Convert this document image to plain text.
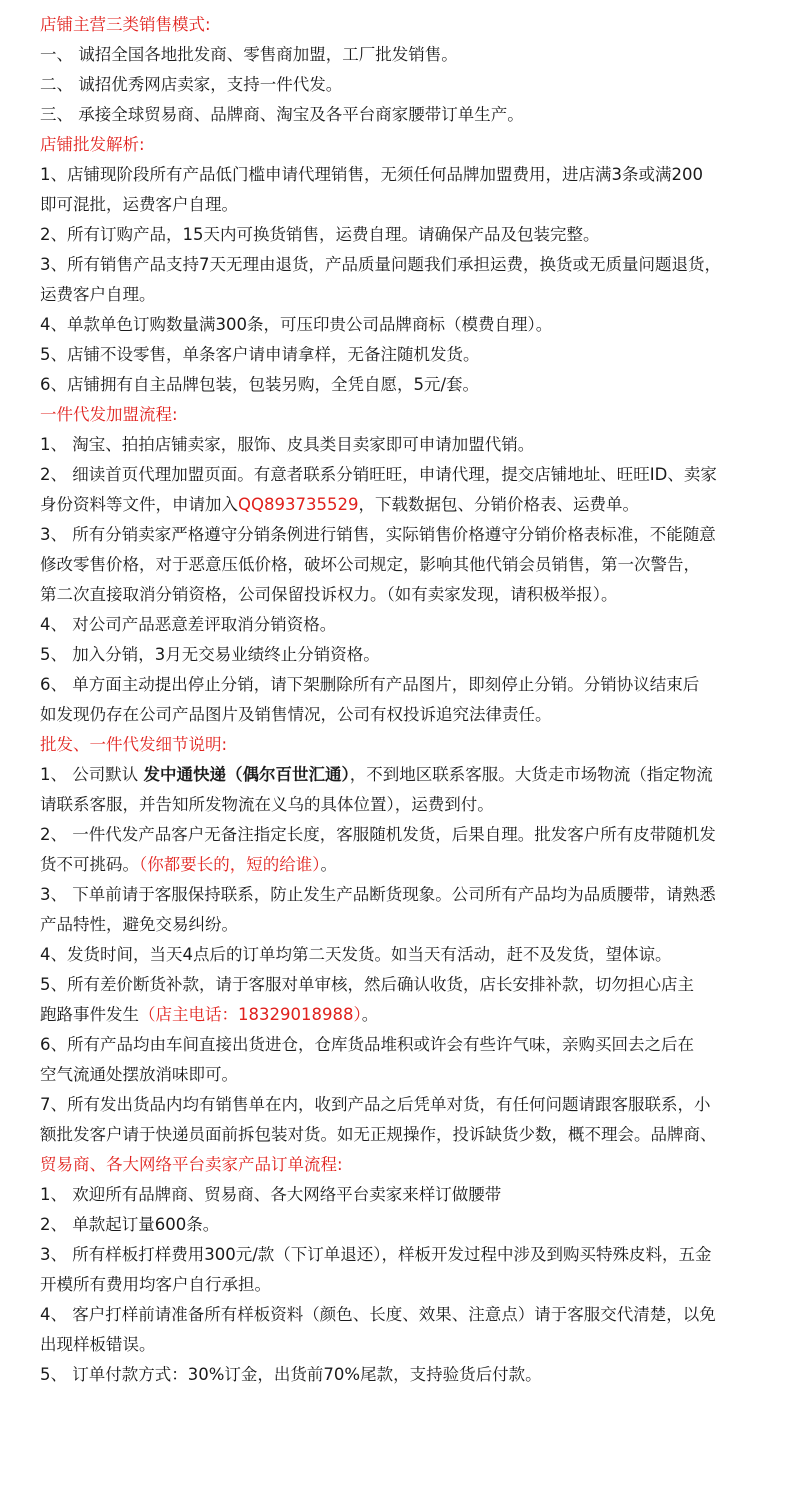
店铺主营三类销售模式:
一、 诚招全国各地批发商、零售商加盟，工厂批发销售。
二、 诚招优秀网店卖家，支持一件代发。
三、 承接全球贸易商、品牌商、淘宝及各平台商家腰带订单生产。
店铺批发解析:
1、店铺现阶段所有产品低门槛申请代理销售，无须任何品牌加盟费用，进店满3条或满200
即可混批，运费客户自理。
2、所有订购产品，15天内可换货销售，运费自理。请确保产品及包装完整。
3、所有销售产品支持7天无理由退货，产品质量问题我们承担运费，换货或无质量问题退货，
运费客户自理。
4、单款单色订购数量满300条，可压印贵公司品牌商标（模费自理）。
5、店铺不设零售，单条客户请申请拿样，无备注随机发货。
6、店铺拥有自主品牌包装，包装另购，全凭自愿，5元/套。
一件代发加盟流程:
1、 淘宝、拍拍店铺卖家，服饰、皮具类目卖家即可申请加盟代销。
2、 细读首页代理加盟页面。有意者联系分销旺旺，申请代理，提交店铺地址、旺旺ID、卖家
身份资料等文件，申请加入QQ893735529，下载数据包、分销价格表、运费单。
3、 所有分销卖家严格遵守分销条例进行销售，实际销售价格遵守分销价格表标准，不能随意
修改零售价格，对于恶意压低价格，破坏公司规定，影响其他代销会员销售，第一次警告，
第二次直接取消分销资格，公司保留投诉权力。（如有卖家发现，请积极举报）。
4、 对公司产品恶意差评取消分销资格。
5、 加入分销，3月无交易业绩终止分销资格。
6、 单方面主动提出停止分销，请下架删除所有产品图片，即刻停止分销。分销协议结束后
如发现仍存在公司产品图片及销售情况，公司有权投诉追究法律责任。
批发、一件代发细节说明:
1、 公司默认 发中通快递（偶尔百世汇通），不到地区联系客服。大货走市场物流（指定物流
请联系客服，并告知所发物流在义乌的具体位置），运费到付。
2、 一件代发产品客户无备注指定长度，客服随机发货，后果自理。批发客户所有皮带随机发
货不可挑码。（你都要长的，短的给谁）。
3、 下单前请于客服保持联系，防止发生产品断货现象。公司所有产品均为品质腰带，请熟悉
产品特性，避免交易纠纷。
4、发货时间，当天4点后的订单均第二天发货。如当天有活动，赶不及发货，望体谅。
5、所有差价断货补款，请于客服对单审核，然后确认收货，店长安排补款，切勿担心店主
跑路事件发生（店主电话：18329018988）。
6、所有产品均由车间直接出货进仓，仓库货品堆积或许会有些许气味，亲购买回去之后在
空气流通处摆放消味即可。
7、所有发出货品内均有销售单在内，收到产品之后凭单对货，有任何问题请跟客服联系，小
额批发客户请于快递员面前拆包装对货。如无正规操作，投诉缺货少数，概不理会。品牌商、
贸易商、各大网络平台卖家产品订单流程:
1、 欢迎所有品牌商、贸易商、各大网络平台卖家来样订做腰带
2、 单款起订量600条。
3、 所有样板打样费用300元/款（下订单退还），样板开发过程中涉及到购买特殊皮料，五金
开模所有费用均客户自行承担。
4、 客户打样前请准备所有样板资料（颜色、长度、效果、注意点）请于客服交代清楚，以免
出现样板错误。
5、 订单付款方式：30%订金，出货前70%尾款，支持验货后付款。
